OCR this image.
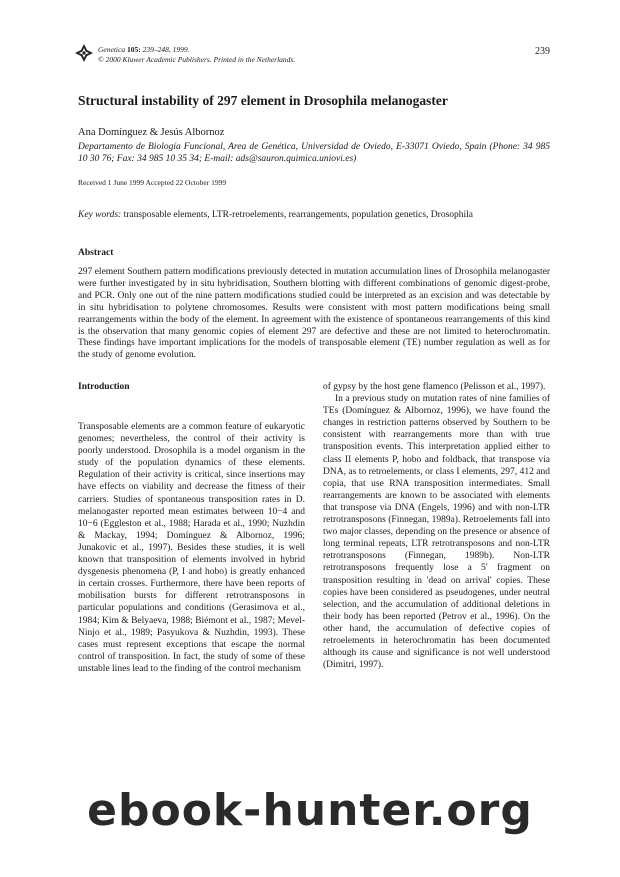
Genetica 105: 239–248, 1999.
© 2000 Kluwer Academic Publishers. Printed in the Netherlands.
239
Structural instability of 297 element in Drosophila melanogaster
Ana Domínguez & Jesús Albornoz
Departamento de Biología Funcional, Area de Genética, Universidad de Oviedo, E-33071 Oviedo, Spain (Phone: 34 985 10 30 76; Fax: 34 985 10 35 34; E-mail: ads@sauron.quimica.uniovi.es)
Received 1 June 1999 Accepted 22 October 1999
Key words: transposable elements, LTR-retroelements, rearrangements, population genetics, Drosophila
Abstract
297 element Southern pattern modifications previously detected in mutation accumulation lines of Drosophila melanogaster were further investigated by in situ hybridisation, Southern blotting with different combinations of genomic digest-probe, and PCR. Only one out of the nine pattern modifications studied could be interpreted as an excision and was detectable by in situ hybridisation to polytene chromosomes. Results were consistent with most pattern modifications being small rearrangements within the body of the element. In agreement with the existence of spontaneous rearrangements of this kind is the observation that many genomic copies of element 297 are defective and these are not limited to heterochromatin. These findings have important implications for the models of transposable element (TE) number regulation as well as for the study of genome evolution.
Introduction

Transposable elements are a common feature of eukaryotic genomes; nevertheless, the control of their activity is poorly understood. Drosophila is a model organism in the study of the population dynamics of these elements. Regulation of their activity is critical, since insertions may have effects on viability and decrease the fitness of their carriers. Studies of spontaneous transposition rates in D. melanogaster reported mean estimates between 10−4 and 10−6 (Eggleston et al., 1988; Harada et al., 1990; Nuzhdin & Mackay, 1994; Domínguez & Albornoz, 1996; Junakovic et al., 1997). Besides these studies, it is well known that transposition of elements involved in hybrid dysgenesis phenomena (P, I and hobo) is greatly enhanced in certain crosses. Furthermore, there have been reports of mobilisation bursts for different retrotransposons in particular populations and conditions (Gerasimova et al., 1984; Kim & Belyaeva, 1988; Biémont et al., 1987; Mevel-Ninjo et al., 1989; Pasyukova & Nuzhdin, 1993). These cases must represent exceptions that escape the normal control of transposition. In fact, the study of some of these unstable lines lead to the finding of the control mechanism

of gypsy by the host gene flamenco (Pelisson et al., 1997).

In a previous study on mutation rates of nine families of TEs (Domínguez & Albornoz, 1996), we have found the changes in restriction patterns observed by Southern to be consistent with rearrangements more than with true transposition events. This interpretation applied either to class II elements P, hobo and foldback, that transpose via DNA, as to retroelements, or class I elements, 297, 412 and copia, that use RNA transposition intermediates. Small rearrangements are known to be associated with elements that transpose via DNA (Engels, 1996) and with non-LTR retrotransposons (Finnegan, 1989a). Retroelements fall into two major classes, depending on the presence or absence of long terminal repeats, LTR retrotransposons and non-LTR retrotransposons (Finnegan, 1989b). Non-LTR retrotransposons frequently lose a 5′ fragment on transposition resulting in 'dead on arrival' copies. These copies have been considered as pseudogenes, under neutral selection, and the accumulation of additional deletions in their body has been reported (Petrov et al., 1996). On the other hand, the accumulation of defective copies of retroelements in heterochromatin has been documented although its cause and significance is not well understood (Dimitri, 1997).

ebook-hunter.org
